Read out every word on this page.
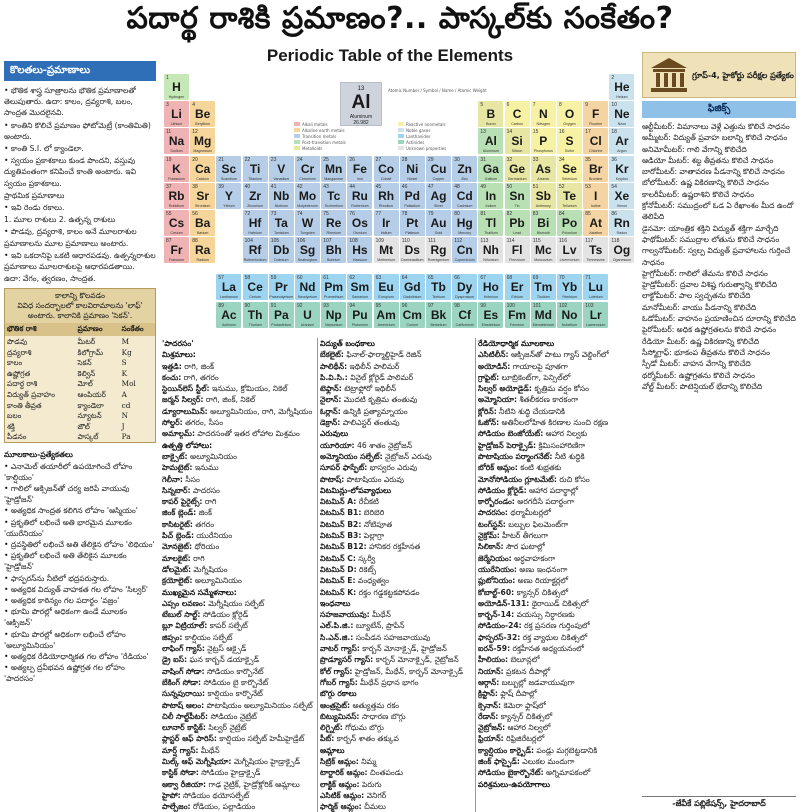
పదార్థ రాశికి ప్రమాణం?.. పాస్కల్‌కు సంకేతం?
Periodic Table of the Elements
కొలతలు-ప్రమాణాలు

• భౌతిక శాస్త్ర సూత్రాలను భౌతిక ప్రమాణాలతో తెలుపుతారు. ఉదా: కాలం, ద్రవ్యరాశి, బలం, సాంద్రత మొదలైనవి.

• కాంతిని కొలిచే ప్రమాణం ఫోటోమెట్రీ (కాంతిమితి) అంటారు.

• కాంతి S.I. లో క్యాండెలా.

• స్వయం ప్రకాశకాలు కుండ పొందని, వస్తువు ద్యుతివంతంగా కనిపించే కాంతి అంటారు. ఇవి స్వయం ప్రకాశకాలు.

ప్రాథమిక ప్రమాణాలు

• ఇవి రెండు రకాలు.

1. మూల రాశులు 2. ఉత్పన్న రాశులు

• పొడవు, ద్రవ్యరాశి, కాలం అనే మూలరాశుల ప్రమాణాలను మూల ప్రమాణాలు అంటారు.

• ఇవి ఒకదానిపై ఒకటి ఆధారపడవు. ఉత్పన్నరాశుల ప్రమాణాలు మూలరాశులపై ఆధారపడతాయి.

ఉదా: వేగం, త్వరణం, సాంద్రత.

కాలాన్ని కొలవడం
వివిధ సందర్భాలలో కాలవిరామాలను 'లాఫ్' అంటారు. కాలానికి ప్రమాణం 'సెకన్‌'.
భౌతిక రాశి	ప్రమాణం	సంకేతం
పొడవు	మీటర్	M
ద్రవ్యరాశి	కిలోగ్రామ్	Kg
కాలం	సెకన్	S
ఉష్ణోగ్రత	కెల్విన్	K
పదార్థ రాశి	మోల్	Mol
విద్యుత్ ప్రవాహం	ఆంపియర్	A
కాంతి తీవ్రత	క్యాండెలా	cd
బలం	న్యూటన్	N
శక్తి	జౌల్	J
పీడనం	పాస్కల్	Pa
మూలకాలు-ప్రత్యేకతలు

• ఎనామెల్ తయారీలో ఉపయోగించే లోహం 'కాల్షియం'

• గాలిలో ఆక్సిజన్‌తో చర్య జరిపే వాయువు 'హైడ్రోజన్'

• అత్యధిక సాంద్రత కలిగిన లోహం 'ఆస్మియం'

• ప్రకృతిలో లభించే అతి భారమైన మూలకం 'యురేనియం'

• ద్రవస్థితిలో లభించే అతి తేలికైన లోహం 'లిథియం'

• ప్రకృతిలో లభించే అతి తేలికైన మూలకం 'హైడ్రోజన్'

• ఫాస్ఫరస్‌ను నీటిలో భద్రపరుస్తారు.

• అత్యధిక విద్యుత్ వాహకత గల లోహం 'సిల్వర్'

• అత్యధిక కాఠిన్యం గల పదార్థం 'వజ్రం'

• భూమి పొరల్లో అధికంగా ఉండే మూలకం 'ఆక్సిజన్'

• భూమి పొరల్లో అధికంగా లభించే లోహం 'అల్యూమినియం'

• అత్యధిక రేడియోధార్మికత గల లోహం 'రేడియం'

• అత్యల్ప ద్రవీభవన ఉష్ణోగ్రత గల లోహం 'పాదరసం'

13
Al
Aluminum
26.982
Alkali metals
Alkaline earth metals
Transition metals
Post-transition metals
Metalloids
Reactive nonmetals
Noble gases
Lanthanides
Actinides
Unknown properties
Atomic Number / Symbol / Name / Atomic Weight
1
H
Hydrogen
2
He
Helium
3
Li
Lithium
4
Be
Beryllium
5
B
Boron
6
C
Carbon
7
N
Nitrogen
8
O
Oxygen
9
F
Fluorine
10
Ne
Neon
11
Na
Sodium
12
Mg
Magnesium
13
Al
Aluminum
14
Si
Silicon
15
P
Phosphorus
16
S
Sulfur
17
Cl
Chlorine
18
Ar
Argon
19
K
Potassium
20
Ca
Calcium
21
Sc
Scandium
22
Ti
Titanium
23
V
Vanadium
24
Cr
Chromium
25
Mn
Manganese
26
Fe
Iron
27
Co
Cobalt
28
Ni
Nickel
29
Cu
Copper
30
Zn
Zinc
31
Ga
Gallium
32
Ge
Germanium
33
As
Arsenic
34
Se
Selenium
35
Br
Bromine
36
Kr
Krypton
37
Rb
Rubidium
38
Sr
Strontium
39
Y
Yttrium
40
Zr
Zirconium
41
Nb
Niobium
42
Mo
Molybdenum
43
Tc
Technetium
44
Ru
Ruthenium
45
Rh
Rhodium
46
Pd
Palladium
47
Ag
Silver
48
Cd
Cadmium
49
In
Indium
50
Sn
Tin
51
Sb
Antimony
52
Te
Tellurium
53
I
Iodine
54
Xe
Xenon
55
Cs
Cesium
56
Ba
Barium
72
Hf
Hafnium
73
Ta
Tantalum
74
W
Tungsten
75
Re
Rhenium
76
Os
Osmium
77
Ir
Iridium
78
Pt
Platinum
79
Au
Gold
80
Hg
Mercury
81
Tl
Thallium
82
Pb
Lead
83
Bi
Bismuth
84
Po
Polonium
85
At
Astatine
86
Rn
Radon
87
Fr
Francium
88
Ra
Radium
104
Rf
Rutherfordium
105
Db
Dubnium
106
Sg
Seaborgium
107
Bh
Bohrium
108
Hs
Hassium
109
Mt
Meitnerium
110
Ds
Darmstadtium
111
Rg
Roentgenium
112
Cn
Copernicium
113
Nh
Nihonium
114
Fl
Flerovium
115
Mc
Moscovium
116
Lv
Livermorium
117
Ts
Tennessine
118
Og
Oganesson
57
La
Lanthanum
58
Ce
Cerium
59
Pr
Praseodymium
60
Nd
Neodymium
61
Pm
Promethium
62
Sm
Samarium
63
Eu
Europium
64
Gd
Gadolinium
65
Tb
Terbium
66
Dy
Dysprosium
67
Ho
Holmium
68
Er
Erbium
69
Tm
Thulium
70
Yb
Ytterbium
71
Lu
Lutetium
89
Ac
Actinium
90
Th
Thorium
91
Pa
Protactinium
92
U
Uranium
93
Np
Neptunium
94
Pu
Plutonium
95
Am
Americium
96
Cm
Curium
97
Bk
Berkelium
98
Cf
Californium
99
Es
Einsteinium
100
Fm
Fermium
101
Md
Mendelevium
102
No
Nobelium
103
Lr
Lawrencium

'పాదరసం'

మిశ్రమాలు:

ఇత్తడి: రాగి, జింక్

కంచు: రాగి, తగరం

స్టెయిన్‌లెస్ స్టీల్: ఇనుము, క్రోమియం, నికెల్

జర్మన్ సిల్వర్: రాగి, జింక్, నికెల్

డ్యూరాలుమిన్: అల్యూమినియం, రాగి, మెగ్నీషియం

సోల్డర్: తగరం, సీసం

అమాల్గమ్: పాదరసంతో ఇతర లోహాల మిశ్రమం

ఉత్పత్తి లోహాలు:

బాక్సైట్: అల్యూమినియం

హెమటైట్: ఇనుము

గెలీనా: సీసం

సిన్నబార్: పాదరసం

కాపర్ పైరైట్స్: రాగి

జింక్ బ్లెండ్: జింక్

కాసిటరైట్: తగరం

పిచ్ బ్లెండ్: యురేనియం

మోనజైట్: థోరియం

మాలకైట్: రాగి

డోలమైట్: మెగ్నీషియం

క్రయోలైట్: అల్యూమినియం

ముఖ్యమైన సమ్మేళనాలు:

ఎప్సం లవణం: మెగ్నీషియం సల్ఫేట్

టేబుల్ సాల్ట్: సోడియం క్లోరైడ్

బ్లూ విట్రియాల్: కాపర్ సల్ఫేట్

జిప్సం: కాల్షియం సల్ఫేట్

లాఫింగ్ గ్యాస్: నైట్రస్ ఆక్సైడ్

డ్రై ఐస్: ఘన కార్బన్ డయాక్సైడ్

వాషింగ్ సోడా: సోడియం కార్బొనేట్

బేకింగ్ సోడా: సోడియం బై కార్బొనేట్

సున్నపురాయి: కాల్షియం కార్బొనేట్

పొటాష్ ఆలం: పొటాషియం అల్యూమినియం సల్ఫేట్

చిలీ సాల్ట్‌పీటర్: సోడియం నైట్రేట్

లూనార్ కాస్టిక్: సిల్వర్ నైట్రేట్

ప్లాస్టర్ ఆఫ్ పారిస్: కాల్షియం సల్ఫేట్ హెమీహైడ్రేట్

మార్ష్ గ్యాస్: మీథేన్

మిల్క్ ఆఫ్ మెగ్నీషియా: మెగ్నీషియం హైడ్రాక్సైడ్

కాస్టిక్ సోడా: సోడియం హైడ్రాక్సైడ్

ఆక్వా రీజియా: గాఢ నైట్రిక్, హైడ్రోక్లోరిక్ ఆమ్లాలు

హైపో: సోడియం థయోసల్ఫేట్

పాల్పేజం: రోడియం, పల్లాడియం

విద్యుత్ బంధకాలు

బేకలైట్: ఫినాల్‌-ఫార్మాల్డిహైడ్ రెజిన్

పాలిథీన్: ఇథిలీన్ పాలిమర్

పి.వి.సి.: వినైల్ క్లోరైడ్ పాలిమర్

టెఫ్లాన్: టెట్రాఫ్లోరో ఇథిలీన్

నైలాన్: మొదటి కృత్రిమ తంతువు

ఓర్లాన్: ఉన్నికి ప్రత్యామ్నాయం

డెక్రాన్: పాలిఎస్టర్ తంతువు

ఎరువులు

యూరియా: 46 శాతం నైట్రోజన్

అమ్మోనియం సల్ఫేట్: నైట్రోజన్ ఎరువు

సూపర్ ఫాస్ఫేట్: భాస్వరం ఎరువు

పొటాష్: పొటాషియం ఎరువు

విటమిన్లు-లోపవ్యాధులు

విటమిన్ A: రేచీకటి

విటమిన్ B1: బెరిబెరి

విటమిన్ B2: నోటిపూత

విటమిన్ B3: పెల్లాగ్రా

విటమిన్ B12: హానికర రక్తహీనత

విటమిన్ C: స్కర్వీ

విటమిన్ D: రికెట్స్

విటమిన్ E: వంధ్యత్వం

విటమిన్ K: రక్తం గడ్డకట్టకపోవడం

ఇంధనాలు

సహజవాయువు: మీథేన్

ఎల్.పి.జి.: బ్యూటేన్, ప్రొపేన్

సి.ఎన్.జి.: సంపీడన సహజవాయువు

వాటర్ గ్యాస్: కార్బన్ మోనాక్సైడ్, హైడ్రోజన్

ప్రొడ్యూసర్ గ్యాస్: కార్బన్ మోనాక్సైడ్, నైట్రోజన్

కోల్ గ్యాస్: హైడ్రోజన్, మీథేన్, కార్బన్ మోనాక్సైడ్

గోబర్ గ్యాస్: మీథేన్ ప్రధాన భాగం

బొగ్గు రకాలు

ఆంత్రసైట్: అత్యుత్తమ రకం

బిట్యుమినస్: సాధారణ బొగ్గు

లిగ్నైట్: గోధుమ బొగ్గు

పీట్: కార్బన్ శాతం తక్కువ

ఆమ్లాలు

సిట్రిక్ ఆమ్లం: నిమ్మ

టార్టారిక్ ఆమ్లం: చింతపండు

లాక్టిక్ ఆమ్లం: పెరుగు

ఎసిటిక్ ఆమ్లం: వెనిగర్

ఫార్మిక్ ఆమ్లం: చీమలు

రేడియోధార్మిక మూలకాలు

ఎసిటిలీన్: ఆక్సిజన్‌తో పాటు గ్యాస్ వెల్డింగ్‌లో

అయోడిన్: గాయాలపై పూతగా

గ్రాఫైట్: లూబ్రికెంట్‌గా, పెన్సిల్‌లో

సిల్వర్ అయోడైడ్: కృత్రిమ వర్షం కోసం

అమ్మోనియా: శీతలీకరణ కారకంగా

క్లోరిన్: నీటిని శుద్ధి చేయడానికి

ఓజోన్: అతినీలలోహిత కిరణాల నుంచి రక్షణ

సోడియం బెంజోయేట్: ఆహార నిల్వకు

హైడ్రోజన్ పెరాక్సైడ్: క్రిమిసంహారిణిగా

పొటాషియం పర్మాంగనేట్: నీటి శుద్ధికి

బోరిక్ ఆమ్లం: కంటి శుభ్రతకు

మోనోసోడియం గ్లూటమేట్: రుచి కోసం

సోడియం క్లోరైడ్: ఆహార పదార్థాల్లో

కార్బోరండం: అరగదీసే పదార్థంగా

పాదరసం: థర్మామీటర్లలో

టంగ్‌స్టన్: బల్బుల ఫిలమెంట్‌గా

నైక్రోమ్: హీటర్ తీగలుగా

సిలికాన్: సౌర ఘటాల్లో

జెర్మేనియం: అర్ధవాహకంగా

యురేనియం: అణు ఇంధనంగా

ప్లుటోనియం: అణు రియాక్టర్లలో

కోబాల్ట్-60: క్యాన్సర్ చికిత్సలో

అయోడిన్-131: థైరాయిడ్ చికిత్సలో

కార్బన్-14: వయస్సు నిర్ధారణకు

సోడియం-24: రక్త ప్రసరణ గుర్తింపులో

ఫాస్ఫరస్-32: రక్త వ్యాధుల చికిత్సలో

ఐరన్-59: రక్తహీనత అధ్యయనంలో

హీలియం: బెలూన్లలో

నియాన్: ప్రకటన దీపాల్లో

ఆర్గాన్: బల్బుల్లో జడవాయువుగా

క్రిప్టాన్: ఫ్లాష్ దీపాల్లో

క్సెనాన్: కెమెరా ఫ్లాష్‌లో

రేడాన్: క్యాన్సర్ చికిత్సలో

నైట్రోజన్: ఆహార నిల్వలో

ఫ్రియాన్: రిఫ్రిజిరేటర్లలో

క్యాల్షియం కార్బైడ్: పండ్లు మగ్గబెట్టడానికి

జింక్ ఫాస్ఫైడ్: ఎలుకల మందుగా

సోడియం బైకార్బొనేట్: అగ్నిమాపకంలో

పరిశ్రమలు-ఉపయోగాలు

గ్రూప్-4, హైకోర్టు పరీక్షల ప్రత్యేకం
ఫిజిక్స్

ఆల్టీమీటర్: విమానాలు వెళ్లే ఎత్తును కొలిచే సాధనం

అమ్మీటర్: విద్యుత్ ప్రవాహ బలాన్ని కొలిచే సాధనం

అనిమోమీటర్: గాలి వేగాన్ని కొలిచేది

ఆడియో మీటర్: శబ్ద తీవ్రతను కొలిచే సాధనం

బారోమీటర్: వాతావరణ పీడనాన్ని కొలిచే సాధనం

బోలోమీటర్: ఉష్ణ వికిరణాన్ని కొలిచే సాధనం

కాలరీమీటర్: ఉష్ణరాశిని కొలిచే సాధనం

క్రోనోమీటర్: సముద్రంలో ఓడ ఏ రేఖాంశం మీద ఉందో తెలిపేది

డైనమో: యాంత్రిక శక్తిని విద్యుత్ శక్తిగా మార్చేది

ఫాథోమీటర్: సముద్రాల లోతును కొలిచే సాధనం

గాల్వనోమీటర్: స్వల్ప విద్యుత్ ప్రవాహాలను గుర్తించే సాధనం

హైగ్రోమీటర్: గాలిలో తేమను కొలిచే సాధనం

హైడ్రోమీటర్: ద్రవాల విశిష్ట గురుత్వాన్ని కొలిచేది

లాక్టోమీటర్: పాల స్వచ్ఛతను కొలిచేది

మానోమీటర్: వాయు పీడనాన్ని కొలిచేది

ఓడోమీటర్: వాహనం ప్రయాణించిన దూరాన్ని కొలిచేది

పైరోమీటర్: అధిక ఉష్ణోగ్రతలను కొలిచే సాధనం

రేడియో మీటర్: ఉష్ణ వికిరణాన్ని కొలిచేది

సీస్మోగ్రాఫ్: భూకంప తీవ్రతను కొలిచే సాధనం

స్పీడో మీటర్: వాహన వేగాన్ని కొలిచేది

థర్మోమీటర్: ఉష్ణోగ్రతను కొలిచే సాధనం

వోల్ట్ మీటర్: పొటెన్షియల్ భేదాన్ని కొలిచేది

-జేవీకే పబ్లికేషన్స్, హైదరాబాద్
